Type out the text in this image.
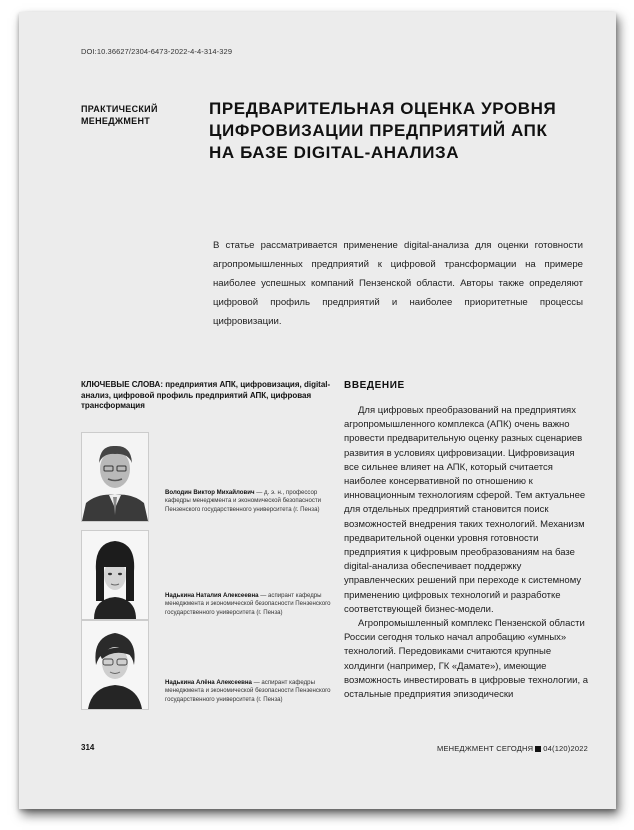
DOI:10.36627/2304-6473-2022-4-4-314-329
ПРАКТИЧЕСКИЙ
МЕНЕДЖМЕНТ
ПРЕДВАРИТЕЛЬНАЯ ОЦЕНКА УРОВНЯ
ЦИФРОВИЗАЦИИ ПРЕДПРИЯТИЙ АПК
НА БАЗЕ DIGITAL-АНАЛИЗА
В статье рассматривается применение digital-анализа для оценки готовности агропромышленных предприятий к цифровой трансформации на примере наиболее успешных компаний Пензенской области. Авторы также определяют цифровой профиль предприятий и наиболее приоритетные процессы цифровизации.
КЛЮЧЕВЫЕ СЛОВА: предприятия АПК, цифровизация, digital-анализ, цифровой профиль предприятий АПК, цифровая трансформация
Володин Виктор Михайлович — д. э. н., профессор кафедры менеджмента и экономической безопасности Пензенского государственного университета (г. Пенза)
Надькина Наталия Алексеевна — аспирант кафедры менеджмента и экономической безопасности Пензенского государственного университета (г. Пенза)
Надькина Алёна Алексеевна — аспирант кафедры менеджмента и экономической безопасности Пензенского государственного университета (г. Пенза)
ВВЕДЕНИЕ

Для цифровых преобразований на предприятиях агропромышленного комплекса (АПК) очень важно провести предварительную оценку разных сценариев развития в условиях цифровизации. Цифровизация все сильнее влияет на АПК, который считается наиболее консервативной по отношению к инновационным технологиям сферой. Тем актуальнее для отдельных предприятий становится поиск возможностей внедрения таких технологий. Механизм предварительной оценки уровня готовности предприятия к цифровым преобразованиям на базе digital-анализа обеспечивает поддержку управленческих решений при переходе к системному применению цифровых технологий и разработке соответствующей бизнес-модели.

Агропромышленный комплекс Пензенской области России сегодня только начал апробацию «умных» технологий. Передовиками считаются крупные холдинги (например, ГК «Дамате»), имеющие возможность инвестировать в цифровые технологии, а остальные предприятия эпизодически

314	МЕНЕДЖМЕНТ СЕГОДНЯ 04(120)2022
